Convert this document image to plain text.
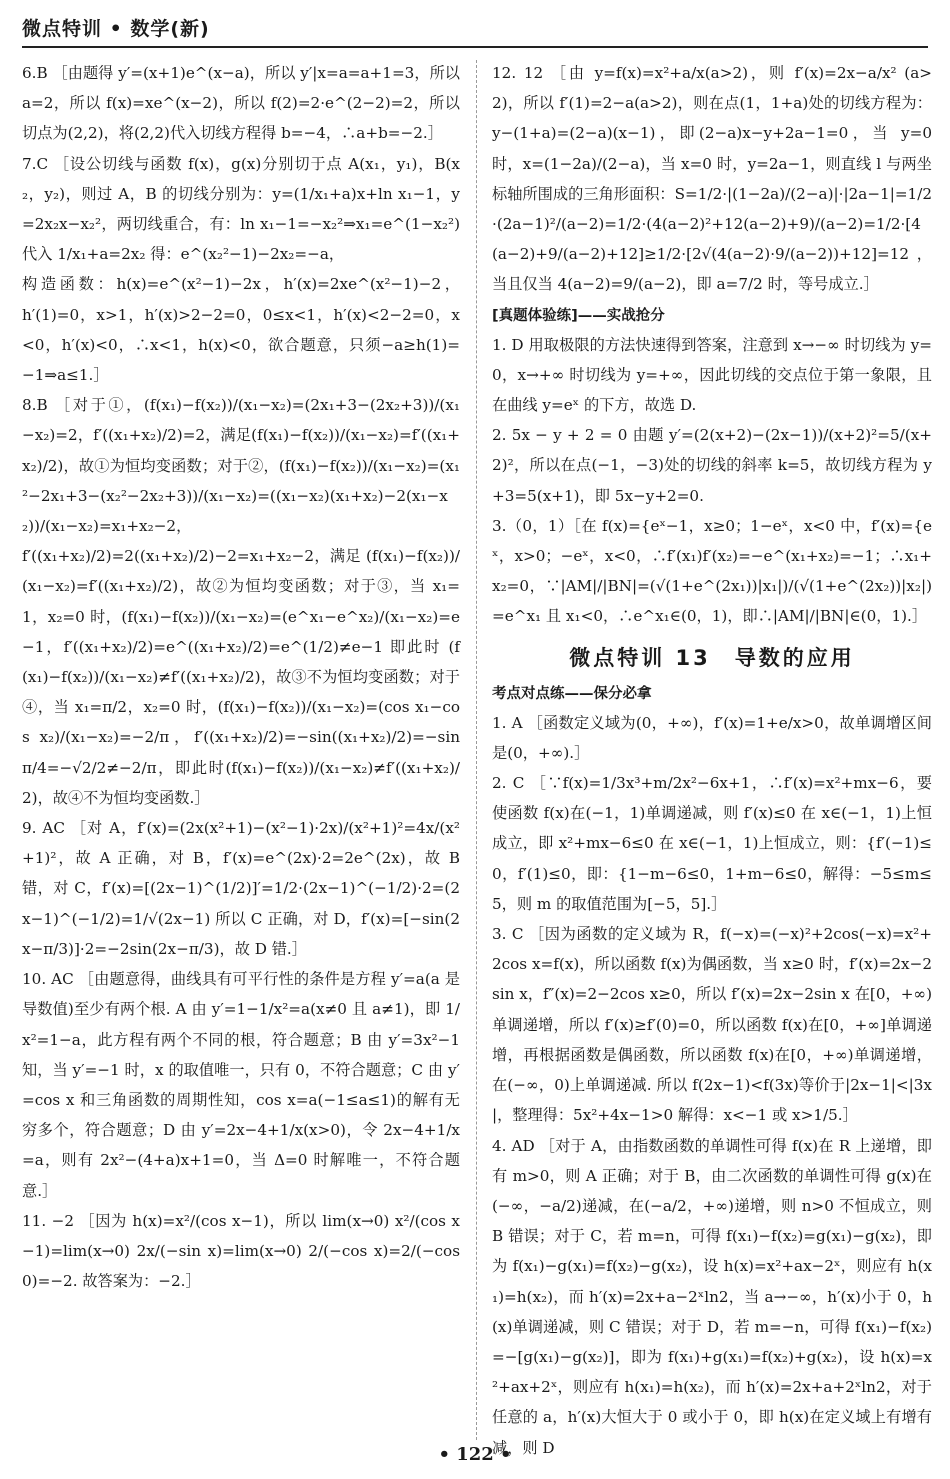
微点特训 • 数学(新)

6.B ［由题得 y′=(x+1)e^(x−a)，所以 y′|x=a=a+1=3，所以 a=2，所以 f(x)=xe^(x−2)，所以 f(2)=2·e^(2−2)=2，所以切点为(2,2)，将(2,2)代入切线方程得 b=−4，∴a+b=−2.］

7.C ［设公切线与函数 f(x)，g(x)分别切于点 A(x₁，y₁)，B(x₂，y₂)，则过 A，B 的切线分别为：y=(1/x₁+a)x+ln x₁−1，y=2x₂x−x₂²，两切线重合，有：ln x₁−1=−x₂²⇒x₁=e^(1−x₂²) 代入 1/x₁+a=2x₂ 得：e^(x₂²−1)−2x₂=−a，

构造函数：h(x)=e^(x²−1)−2x，h′(x)=2xe^(x²−1)−2，h′(1)=0，x>1，h′(x)>2−2=0，0≤x<1，h′(x)<2−2=0，x<0，h′(x)<0，∴x<1，h(x)<0，欲合题意，只须−a≥h(1)=−1⇒a≤1.］

8.B ［对于①，(f(x₁)−f(x₂))/(x₁−x₂)=(2x₁+3−(2x₂+3))/(x₁−x₂)=2，f′((x₁+x₂)/2)=2，满足(f(x₁)−f(x₂))/(x₁−x₂)=f′((x₁+x₂)/2)，故①为恒均变函数；对于②，(f(x₁)−f(x₂))/(x₁−x₂)=(x₁²−2x₁+3−(x₂²−2x₂+3))/(x₁−x₂)=((x₁−x₂)(x₁+x₂)−2(x₁−x₂))/(x₁−x₂)=x₁+x₂−2，

f′((x₁+x₂)/2)=2((x₁+x₂)/2)−2=x₁+x₂−2，满足 (f(x₁)−f(x₂))/(x₁−x₂)=f′((x₁+x₂)/2)，故②为恒均变函数；对于③，当 x₁=1，x₂=0 时，(f(x₁)−f(x₂))/(x₁−x₂)=(e^x₁−e^x₂)/(x₁−x₂)=e−1，f′((x₁+x₂)/2)=e^((x₁+x₂)/2)=e^(1/2)≠e−1 即此时 (f(x₁)−f(x₂))/(x₁−x₂)≠f′((x₁+x₂)/2)，故③不为恒均变函数；对于④，当 x₁=π/2，x₂=0 时，(f(x₁)−f(x₂))/(x₁−x₂)=(cos x₁−cos x₂)/(x₁−x₂)=−2/π，f′((x₁+x₂)/2)=−sin((x₁+x₂)/2)=−sin π/4=−√2/2≠−2/π，即此时(f(x₁)−f(x₂))/(x₁−x₂)≠f′((x₁+x₂)/2)，故④不为恒均变函数.］

9. AC ［对 A，f′(x)=(2x(x²+1)−(x²−1)·2x)/(x²+1)²=4x/(x²+1)²，故 A 正确，对 B，f′(x)=e^(2x)·2=2e^(2x)，故 B 错，对 C，f′(x)=[(2x−1)^(1/2)]′=1/2·(2x−1)^(−1/2)·2=(2x−1)^(−1/2)=1/√(2x−1) 所以 C 正确，对 D，f′(x)=[−sin(2x−π/3)]·2=−2sin(2x−π/3)，故 D 错.］

10. AC ［由题意得，曲线具有可平行性的条件是方程 y′=a(a 是导数值)至少有两个根. A 由 y′=1−1/x²=a(x≠0 且 a≠1)，即 1/x²=1−a，此方程有两个不同的根，符合题意；B 由 y′=3x²−1 知，当 y′=−1 时，x 的取值唯一，只有 0，不符合题意；C 由 y′=cos x 和三角函数的周期性知，cos x=a(−1≤a≤1)的解有无穷多个，符合题意；D 由 y′=2x−4+1/x(x>0)，令 2x−4+1/x=a，则有 2x²−(4+a)x+1=0，当 Δ=0 时解唯一，不符合题意.］

11. −2 ［因为 h(x)=x²/(cos x−1)，所以 lim(x→0) x²/(cos x−1)=lim(x→0) 2x/(−sin x)=lim(x→0) 2/(−cos x)=2/(−cos0)=−2. 故答案为：−2.］

12. 12 ［由 y=f(x)=x²+a/x(a>2)，则 f′(x)=2x−a/x² (a>2)，所以 f′(1)=2−a(a>2)，则在点(1，1+a)处的切线方程为：y−(1+a)=(2−a)(x−1)，即(2−a)x−y+2a−1=0，当 y=0 时，x=(1−2a)/(2−a)，当 x=0 时，y=2a−1，则直线 l 与两坐标轴所围成的三角形面积：S=1/2·|(1−2a)/(2−a)|·|2a−1|=1/2·(2a−1)²/(a−2)=1/2·(4(a−2)²+12(a−2)+9)/(a−2)=1/2·[4(a−2)+9/(a−2)+12]≥1/2·[2√(4(a−2)·9/(a−2))+12]=12，当且仅当 4(a−2)=9/(a−2)，即 a=7/2 时，等号成立.］

[真题体验练]——实战抢分

1. D 用取极限的方法快速得到答案，注意到 x→−∞ 时切线为 y=0，x→+∞ 时切线为 y=+∞，因此切线的交点位于第一象限，且在曲线 y=eˣ 的下方，故选 D.

2. 5x − y + 2 = 0 由题 y′=(2(x+2)−(2x−1))/(x+2)²=5/(x+2)²，所以在点(−1，−3)处的切线的斜率 k=5，故切线方程为 y+3=5(x+1)，即 5x−y+2=0.

3.（0，1）［在 f(x)={eˣ−1，x≥0；1−eˣ，x<0 中，f′(x)={eˣ，x>0；−eˣ，x<0，∴f′(x₁)f′(x₂)=−e^(x₁+x₂)=−1；∴x₁+x₂=0，∵|AM|/|BN|=(√(1+e^(2x₁))|x₁|)/(√(1+e^(2x₂))|x₂|)=e^x₁ 且 x₁<0，∴e^x₁∈(0，1)，即∴|AM|/|BN|∈(0，1).］

微点特训 13　导数的应用

考点对点练——保分必拿

1. A ［函数定义域为(0，+∞)，f′(x)=1+e/x>0，故单调增区间是(0，+∞).］

2. C ［∵f(x)=1/3x³+m/2x²−6x+1，∴f′(x)=x²+mx−6，要使函数 f(x)在(−1，1)单调递减，则 f′(x)≤0 在 x∈(−1，1)上恒成立，即 x²+mx−6≤0 在 x∈(−1，1)上恒成立，则：{f′(−1)≤0，f′(1)≤0，即：{1−m−6≤0，1+m−6≤0，解得：−5≤m≤5，则 m 的取值范围为[−5，5].］

3. C ［因为函数的定义域为 R，f(−x)=(−x)²+2cos(−x)=x²+2cos x=f(x)，所以函数 f(x)为偶函数，当 x≥0 时，f′(x)=2x−2sin x，f″(x)=2−2cos x≥0，所以 f′(x)=2x−2sin x 在[0，+∞)单调递增，所以 f′(x)≥f′(0)=0，所以函数 f(x)在[0，+∞]单调递增，再根据函数是偶函数，所以函数 f(x)在[0，+∞)单调递增，在(−∞，0)上单调递减. 所以 f(2x−1)<f(3x)等价于|2x−1|<|3x|，整理得：5x²+4x−1>0 解得：x<−1 或 x>1/5.］

4. AD ［对于 A，由指数函数的单调性可得 f(x)在 R 上递增，即有 m>0，则 A 正确；对于 B，由二次函数的单调性可得 g(x)在(−∞，−a/2)递减，在(−a/2，+∞)递增，则 n>0 不恒成立，则 B 错误；对于 C，若 m=n，可得 f(x₁)−f(x₂)=g(x₁)−g(x₂)，即为 f(x₁)−g(x₁)=f(x₂)−g(x₂)，设 h(x)=x²+ax−2ˣ，则应有 h(x₁)=h(x₂)，而 h′(x)=2x+a−2ˣln2，当 a→−∞，h′(x)小于 0，h(x)单调递减，则 C 错误；对于 D，若 m=−n，可得 f(x₁)−f(x₂)=−[g(x₁)−g(x₂)]，即为 f(x₁)+g(x₁)=f(x₂)+g(x₂)，设 h(x)=x²+ax+2ˣ，则应有 h(x₁)=h(x₂)，而 h′(x)=2x+a+2ˣln2，对于任意的 a，h′(x)大恒大于 0 或小于 0，即 h(x)在定义域上有增有减，则 D

• 122 •
